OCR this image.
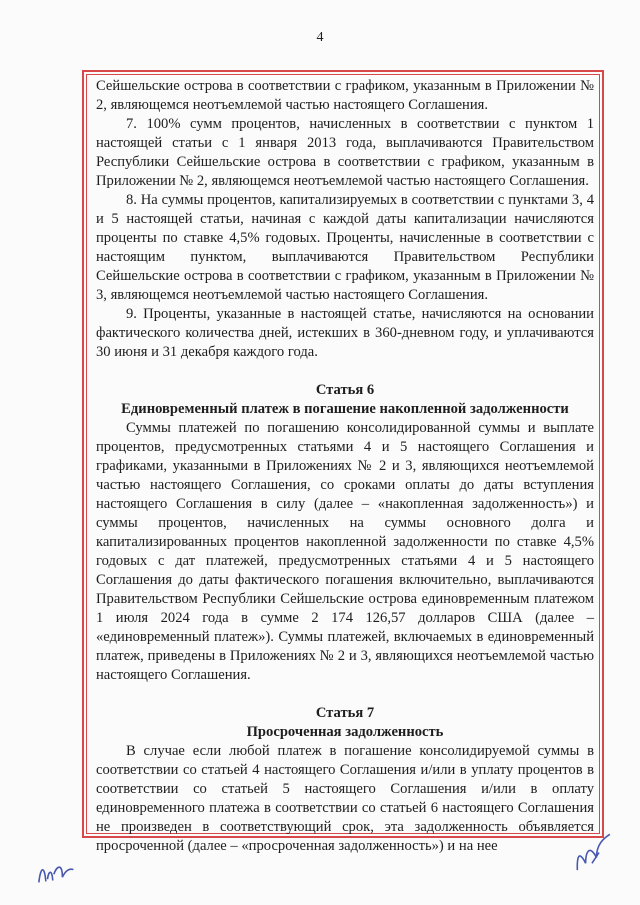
4

Сейшельские острова в соответствии с графиком, указанным в Приложении № 2, являющемся неотъемлемой частью настоящего Соглашения.

7. 100% сумм процентов, начисленных в соответствии с пунктом 1 настоящей статьи с 1 января 2013 года, выплачиваются Правительством Республики Сейшельские острова в соответствии с графиком, указанным в Приложении № 2, являющемся неотъемлемой частью настоящего Соглашения.

8. На суммы процентов, капитализируемых в соответствии с пунктами 3, 4 и 5 настоящей статьи, начиная с каждой даты капитализации начисляются проценты по ставке 4,5% годовых. Проценты, начисленные в соответствии с настоящим пунктом, выплачиваются Правительством Республики Сейшельские острова в соответствии с графиком, указанным в Приложении № 3, являющемся неотъемлемой частью настоящего Соглашения.

9. Проценты, указанные в настоящей статье, начисляются на основании фактического количества дней, истекших в 360-дневном году, и уплачиваются 30 июня и 31 декабря каждого года.

Статья 6

Единовременный платеж в погашение накопленной задолженности

Суммы платежей по погашению консолидированной суммы и выплате процентов, предусмотренных статьями 4 и 5 настоящего Соглашения и графиками, указанными в Приложениях № 2 и 3, являющихся неотъемлемой частью настоящего Соглашения, со сроками оплаты до даты вступления настоящего Соглашения в силу (далее – «накопленная задолженность») и суммы процентов, начисленных на суммы основного долга и капитализированных процентов накопленной задолженности по ставке 4,5% годовых с дат платежей, предусмотренных статьями 4 и 5 настоящего Соглашения до даты фактического погашения включительно, выплачиваются Правительством Республики Сейшельские острова единовременным платежом 1 июля 2024 года в сумме 2 174 126,57 долларов США (далее – «единовременный платеж»). Суммы платежей, включаемых в единовременный платеж, приведены в Приложениях № 2 и 3, являющихся неотъемлемой частью настоящего Соглашения.

Статья 7

Просроченная задолженность

В случае если любой платеж в погашение консолидируемой суммы в соответствии со статьей 4 настоящего Соглашения и/или в уплату процентов в соответствии со статьей 5 настоящего Соглашения и/или в оплату единовременного платежа в соответствии со статьей 6 настоящего Соглашения не произведен в соответствующий срок, эта задолженность объявляется просроченной (далее – «просроченная задолженность») и на нее
